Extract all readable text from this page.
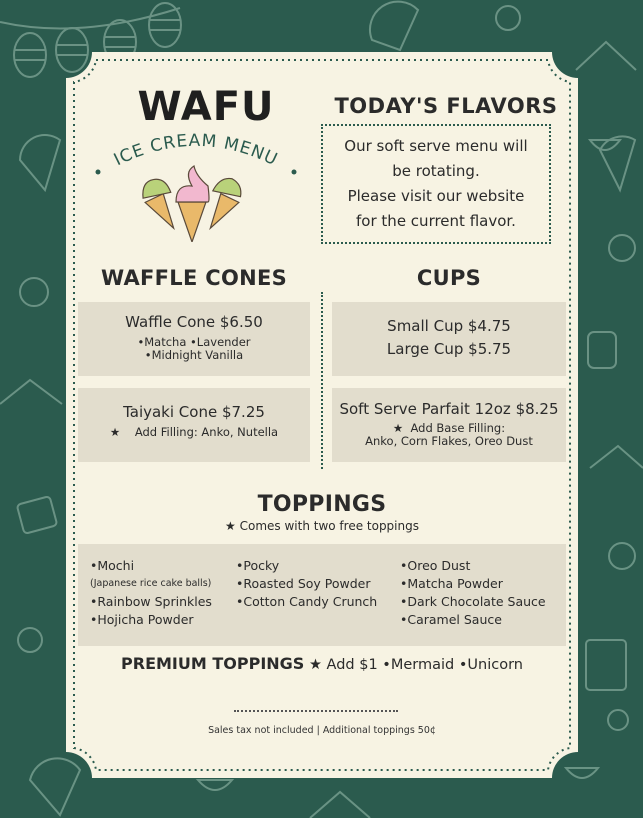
WAFU
ICE CREAM MENU
TODAY'S FLAVORS
Our soft serve menu will
be rotating.
Please visit our website
for the current flavor.
WAFFLE CONES
Waffle Cone $6.50
•Matcha •Lavender
•Midnight Vanilla
Taiyaki Cone $7.25
★ Add Filling: Anko, Nutella
CUPS
Small Cup $4.75
Large Cup $5.75
Soft Serve Parfait 12oz $8.25
★ Add Base Filling:
Anko, Corn Flakes, Oreo Dust
TOPPINGS
★ Comes with two free toppings
•Mochi
(Japanese rice cake balls)
•Rainbow Sprinkles
•Hojicha Powder
•Pocky
•Roasted Soy Powder
•Cotton Candy Crunch
•Oreo Dust
•Matcha Powder
•Dark Chocolate Sauce
•Caramel Sauce
PREMIUM TOPPINGS ★ Add $1 •Mermaid •Unicorn
Sales tax not included | Additional toppings 50¢
